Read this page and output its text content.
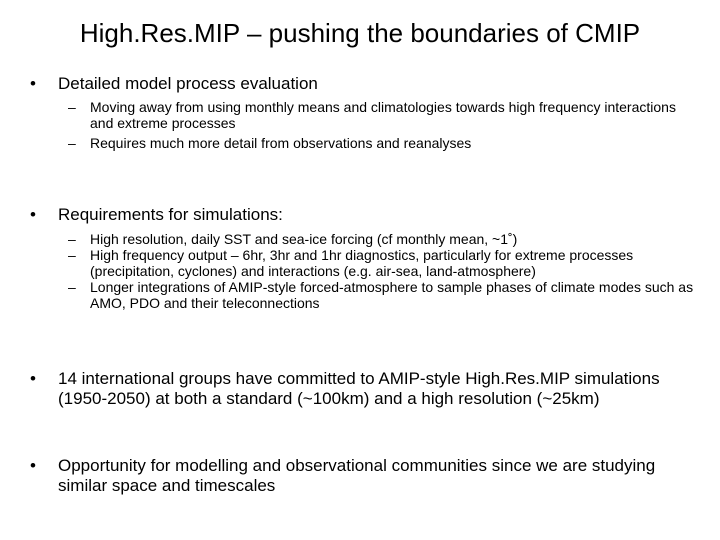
High.Res.MIP – pushing the boundaries of CMIP
•	Detailed model process evaluation
–	Moving away from using monthly means and climatologies towards high frequency interactions and extreme processes
–	Requires much more detail from observations and reanalyses
•	Requirements for simulations:
–	High resolution, daily SST and sea-ice forcing (cf monthly mean, ~1˚)
–	High frequency output – 6hr, 3hr and 1hr diagnostics, particularly for extreme processes (precipitation, cyclones) and interactions (e.g. air-sea, land-atmosphere)
–	Longer integrations of AMIP-style forced-atmosphere to sample phases of climate modes such as AMO, PDO and their teleconnections
•	14 international groups have committed to AMIP-style High.Res.MIP simulations (1950-2050) at both a standard (~100km) and a high resolution (~25km)
•	Opportunity for modelling and observational communities since we are studying similar space and timescales
